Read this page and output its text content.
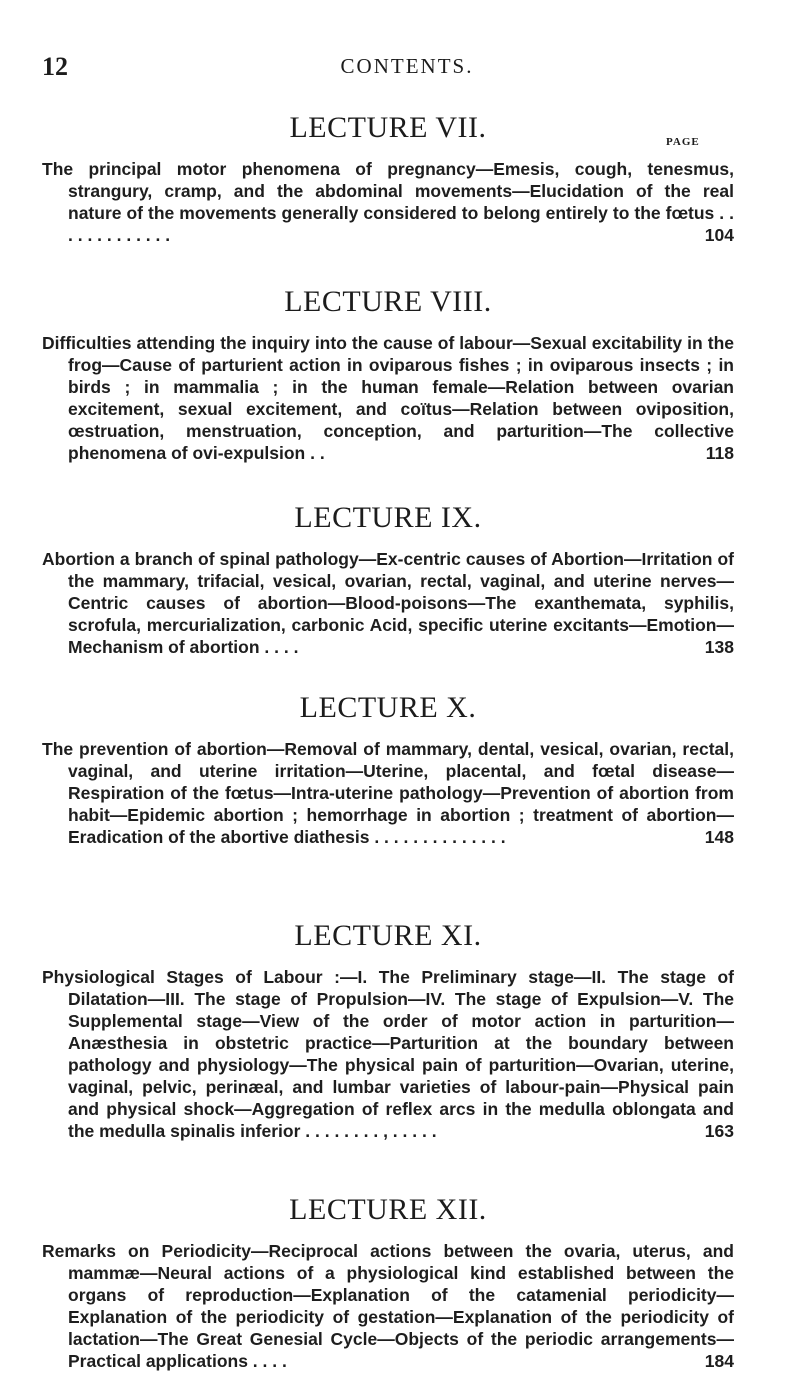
12	CONTENTS.
PAGE
LECTURE VII.
The principal motor phenomena of pregnancy—Emesis, cough, tenesmus, strangury, cramp, and the abdominal movements—Elucidation of the real nature of the movements generally considered to belong entirely to the fœtus . . . . . . . . . . . . .	104
LECTURE VIII.
Difficulties attending the inquiry into the cause of labour—Sexual excitability in the frog—Cause of parturient action in oviparous fishes ; in oviparous insects ; in birds ; in mammalia ; in the human female—Relation between ovarian excitement, sexual excitement, and coïtus—Relation between oviposition, œstruation, menstruation, conception, and parturition—The collective phenomena of ovi-expulsion . .	118
LECTURE IX.
Abortion a branch of spinal pathology—Ex-centric causes of Abortion—Irritation of the mammary, trifacial, vesical, ovarian, rectal, vaginal, and uterine nerves—Centric causes of abortion—Blood-poisons—The exanthemata, syphilis, scrofula, mercurialization, carbonic Acid, specific uterine excitants—Emotion—Mechanism of abortion . . . .	138
LECTURE X.
The prevention of abortion—Removal of mammary, dental, vesical, ovarian, rectal, vaginal, and uterine irritation—Uterine, placental, and fœtal disease—Respiration of the fœtus—Intra-uterine pathology—Prevention of abortion from habit—Epidemic abortion ; hemorrhage in abortion ; treatment of abortion—Eradication of the abortive diathesis . . . . . . . . . . . . . .	148
LECTURE XI.
Physiological Stages of Labour :—I. The Preliminary stage—II. The stage of Dilatation—III. The stage of Propulsion—IV. The stage of Expulsion—V. The Supplemental stage—View of the order of motor action in parturition—Anæsthesia in obstetric practice—Parturition at the boundary between pathology and physiology—The physical pain of parturition—Ovarian, uterine, vaginal, pelvic, perinæal, and lumbar varieties of labour-pain—Physical pain and physical shock—Aggregation of reflex arcs in the medulla oblongata and the medulla spinalis inferior . . . . . . . . , . . . . .	163
LECTURE XII.
Remarks on Periodicity—Reciprocal actions between the ovaria, uterus, and mammæ—Neural actions of a physiological kind established between the organs of reproduction—Explanation of the catamenial periodicity—Explanation of the periodicity of gestation—Explanation of the periodicity of lactation—The Great Genesial Cycle—Objects of the periodic arrangements—Practical applications . . . .	184
